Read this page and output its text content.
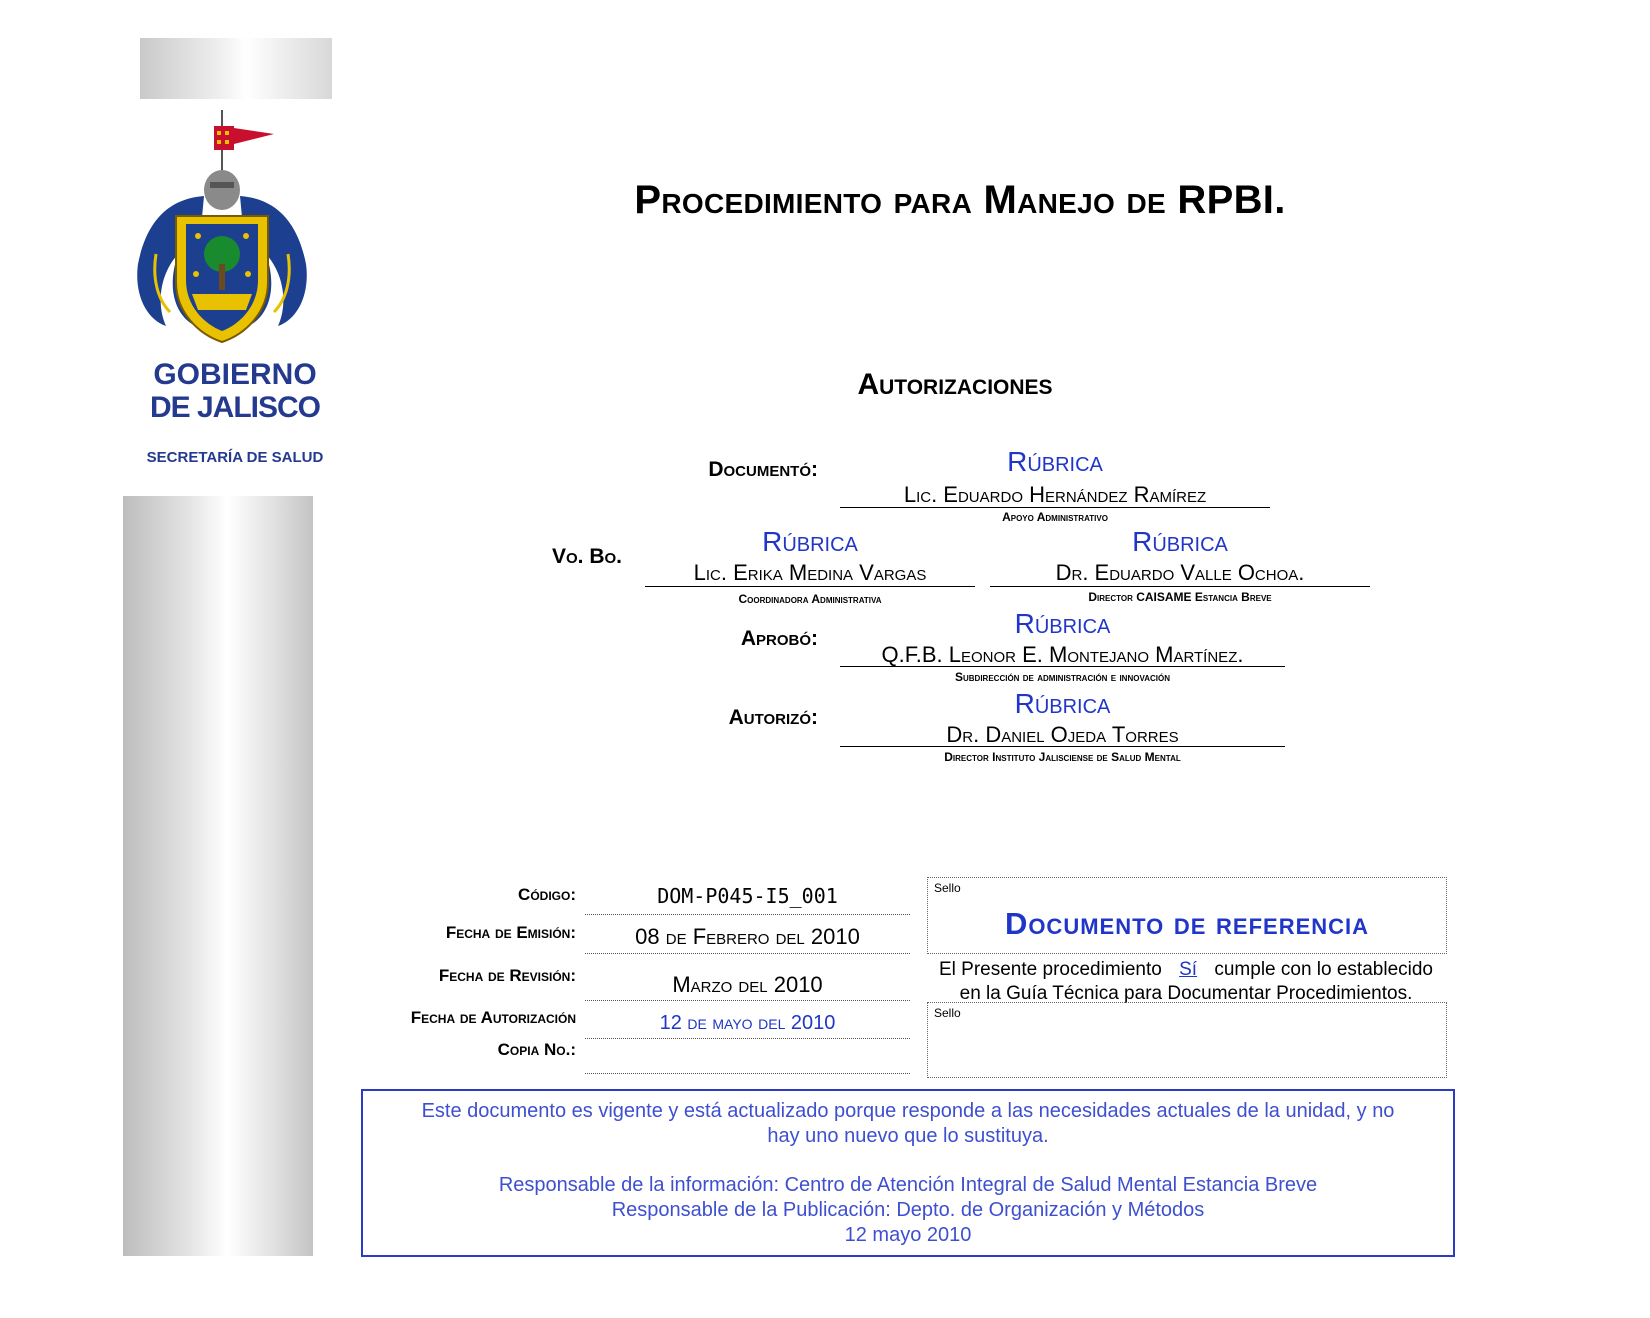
GOBIERNO
DE JALISCO
SECRETARÍA DE SALUD
Procedimiento para Manejo de RPBI.
Autorizaciones
Documentó:	Rúbrica
Lic. Eduardo Hernández Ramírez
Apoyo Administrativo
Vo. Bo.	Rúbrica
Lic. Erika Medina Vargas
Coordinadora Administrativa
Rúbrica
Dr. Eduardo Valle Ochoa.
Director CAISAME Estancia Breve
Aprobó:	Rúbrica
Q.F.B. Leonor E. Montejano Martínez.
Subdirección de administración e innovación
Autorizó:	Rúbrica
Dr. Daniel Ojeda Torres
Director Instituto Jalisciense de Salud Mental
Código:	DOM-P045-I5_001
Fecha de Emisión:	08 de Febrero del 2010
Fecha de Revisión:	Marzo del 2010
Fecha de Autorización	12 de mayo del 2010
Copia No.:
Sello
Documento de referencia
El Presente procedimiento Sí cumple con lo establecido
en la Guía Técnica para Documentar Procedimientos.
Sello
Este documento es vigente y está actualizado porque responde a las necesidades actuales de la unidad, y no
hay uno nuevo que lo sustituya.
Responsable de la información: Centro de Atención Integral de Salud Mental Estancia Breve
Responsable de la Publicación: Depto. de Organización y Métodos
12 mayo 2010
